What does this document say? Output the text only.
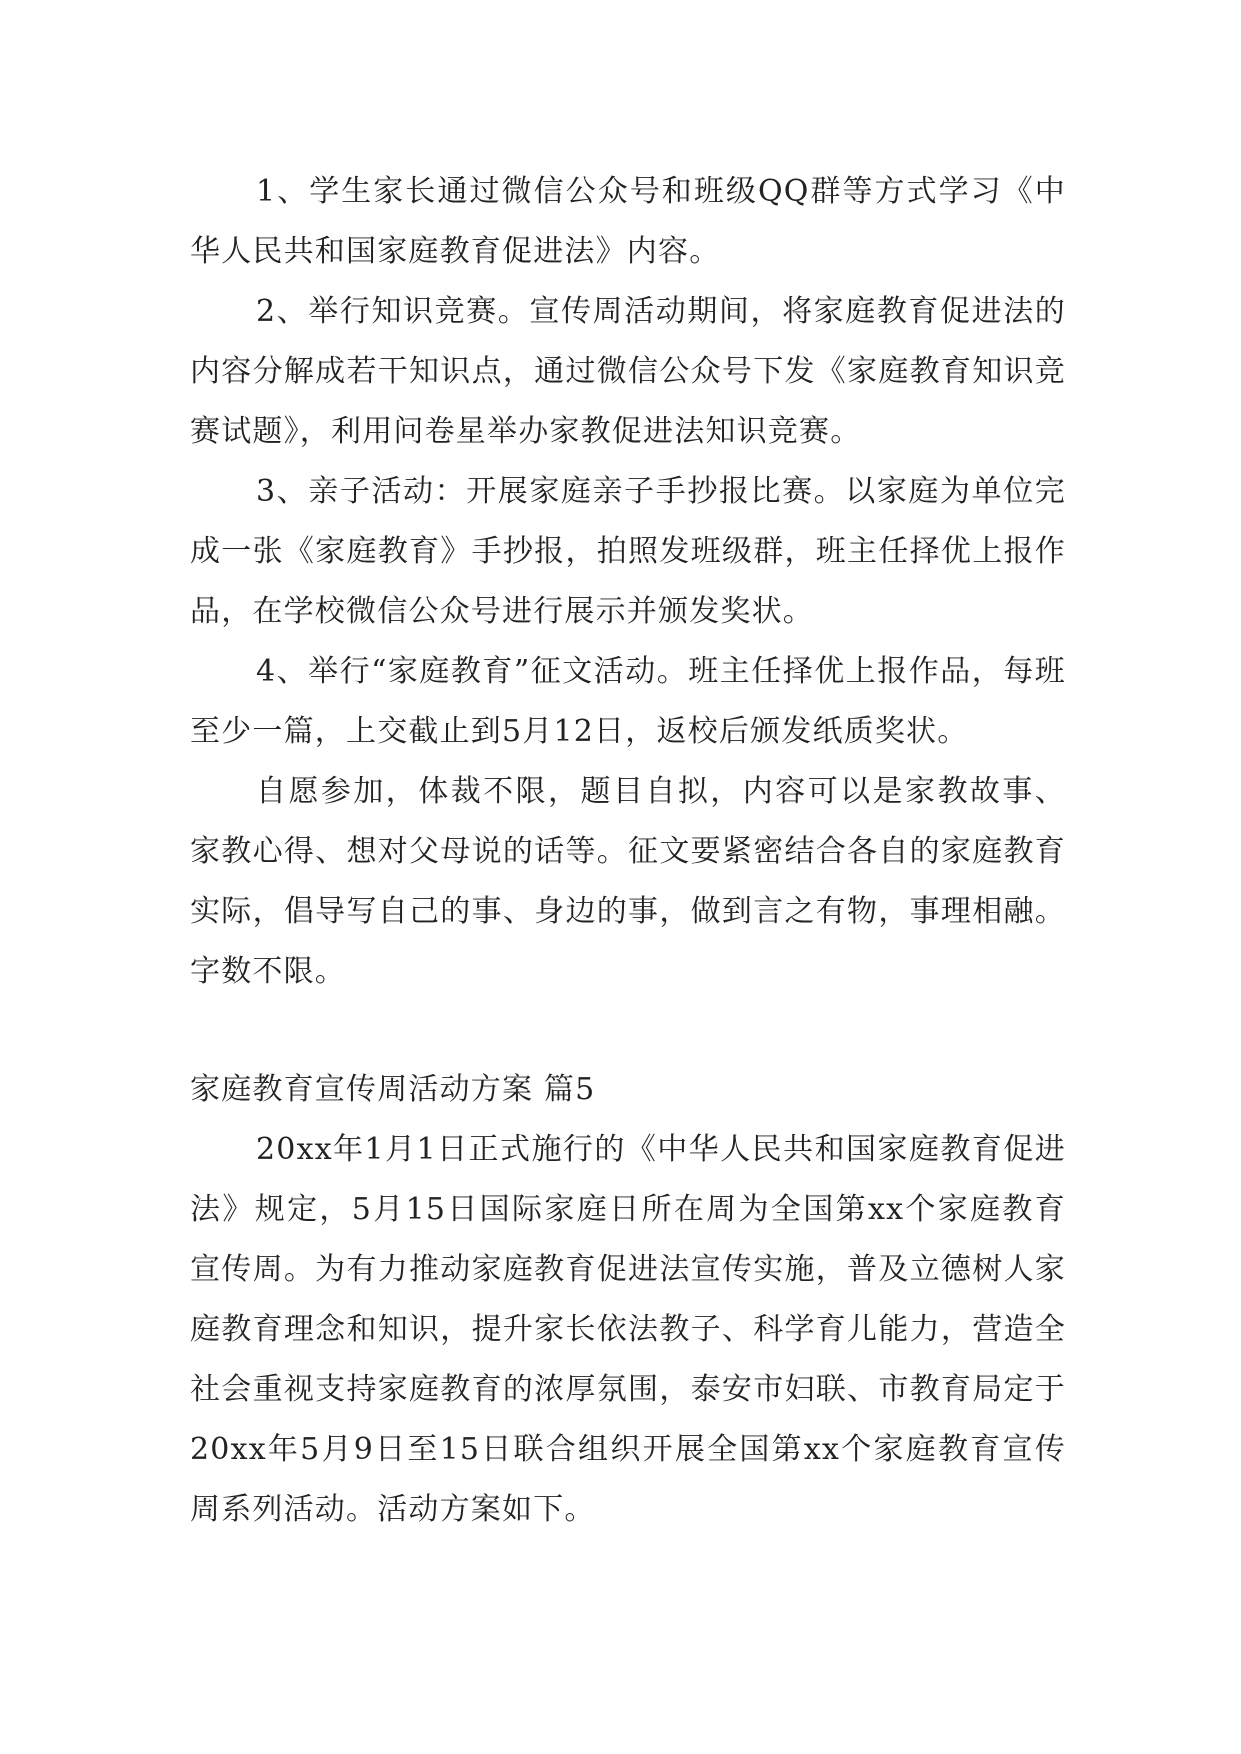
1、学生家长通过微信公众号和班级QQ群等方式学习《中华人民共和国家庭教育促进法》内容。

2、举行知识竞赛。宣传周活动期间，将家庭教育促进法的内容分解成若干知识点，通过微信公众号下发《家庭教育知识竞赛试题》，利用问卷星举办家教促进法知识竞赛。

3、亲子活动：开展家庭亲子手抄报比赛。以家庭为单位完成一张《家庭教育》手抄报，拍照发班级群，班主任择优上报作品，在学校微信公众号进行展示并颁发奖状。

4、举行“家庭教育”征文活动。班主任择优上报作品，每班至少一篇，上交截止到5月12日，返校后颁发纸质奖状。

自愿参加，体裁不限，题目自拟，内容可以是家教故事、家教心得、想对父母说的话等。征文要紧密结合各自的家庭教育实际，倡导写自己的事、身边的事，做到言之有物，事理相融。字数不限。

家庭教育宣传周活动方案 篇5

20xx年1月1日正式施行的《中华人民共和国家庭教育促进法》规定，5月15日国际家庭日所在周为全国第xx个家庭教育宣传周。为有力推动家庭教育促进法宣传实施，普及立德树人家庭教育理念和知识，提升家长依法教子、科学育儿能力，营造全社会重视支持家庭教育的浓厚氛围，泰安市妇联、市教育局定于20xx年5月9日至15日联合组织开展全国第xx个家庭教育宣传周系列活动。活动方案如下。
